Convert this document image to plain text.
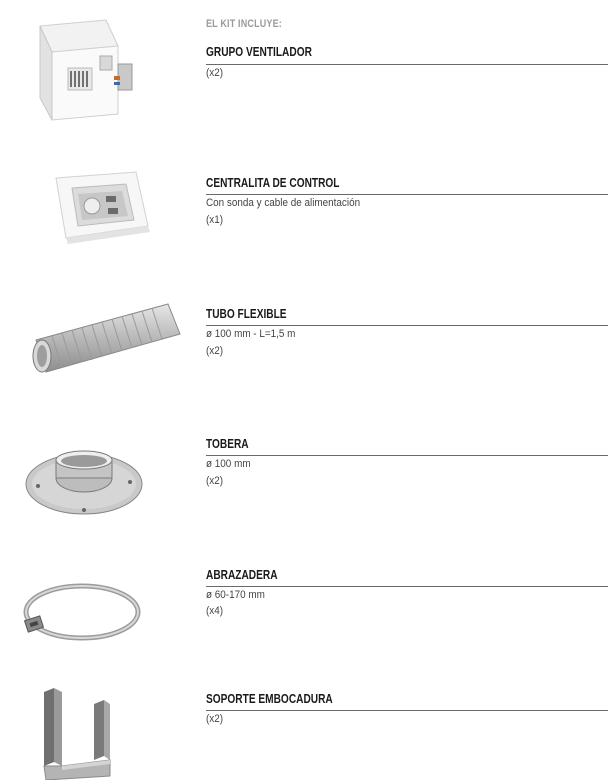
EL KIT INCLUYE:
GRUPO VENTILADOR
(x2)
CENTRALITA DE CONTROL
Con sonda y cable de alimentación
(x1)
TUBO FLEXIBLE
ø 100 mm - L=1,5 m
(x2)
TOBERA
ø 100 mm
(x2)
ABRAZADERA
ø 60-170 mm
(x4)
SOPORTE EMBOCADURA
(x2)
